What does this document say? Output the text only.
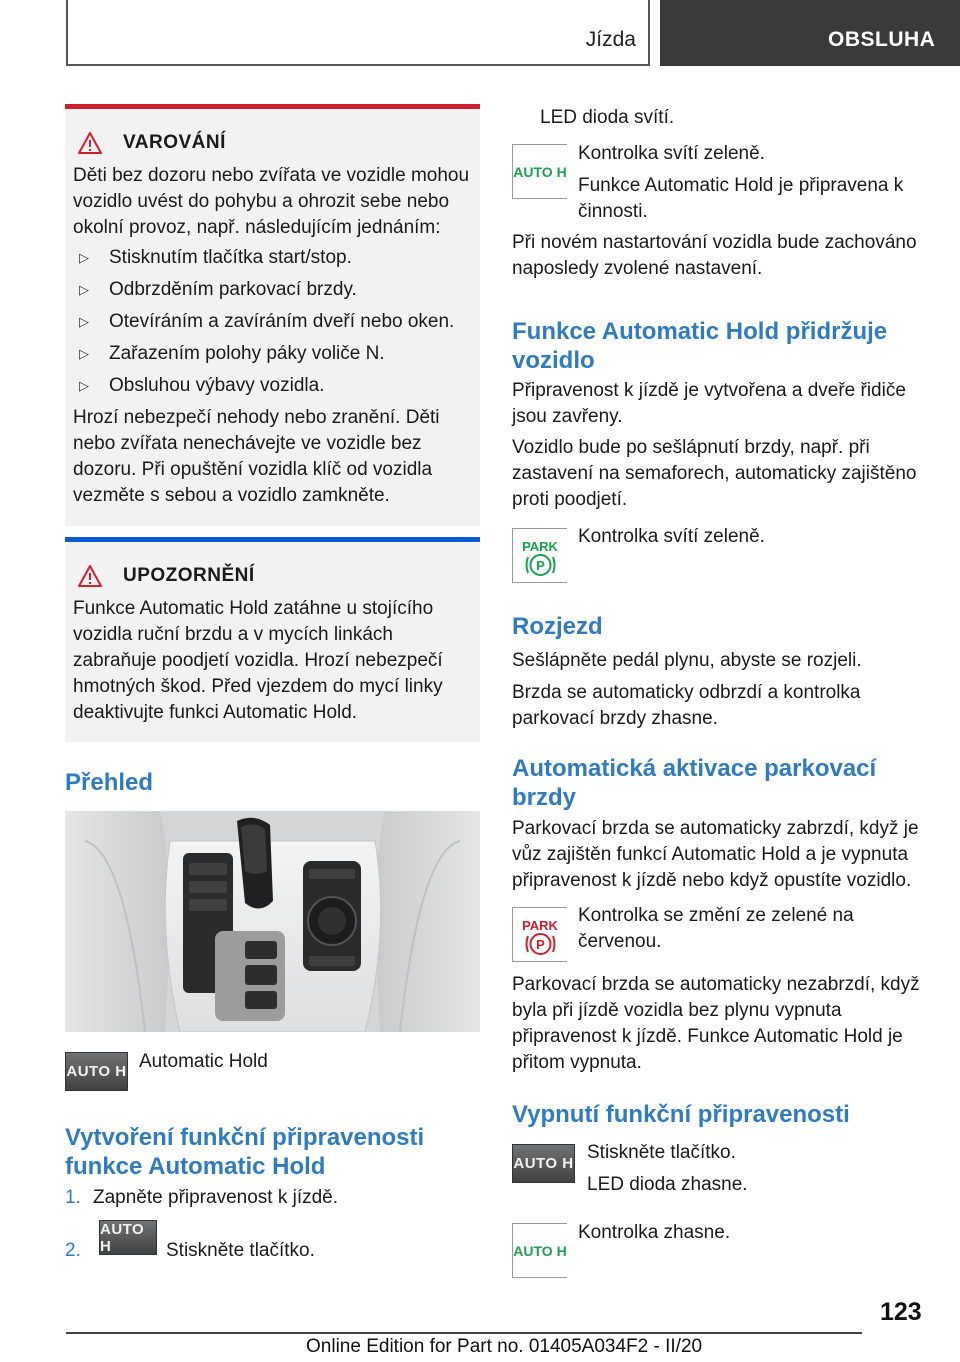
Jízda	OBSLUHA
VAROVÁNÍ

Děti bez dozoru nebo zvířata ve vozidle mohou vozidlo uvést do pohybu a ohrozit sebe nebo okolní provoz, např. následujícím jednáním:

▷	Stisknutím tlačítka start/stop.
▷	Odbrzděním parkovací brzdy.
▷	Otevíráním a zavíráním dveří nebo oken.
▷	Zařazením polohy páky voliče N.
▷	Obsluhou výbavy vozidla.

Hrozí nebezpečí nehody nebo zranění. Děti nebo zvířata nenechávejte ve vozidle bez dozoru. Při opuštění vozidla klíč od vozidla vezměte s sebou a vozidlo zamkněte.

UPOZORNĚNÍ

Funkce Automatic Hold zatáhne u stojícího vozidla ruční brzdu a v mycích linkách zabraňuje poodjetí vozidla. Hrozí nebezpečí hmotných škod. Před vjezdem do mycí linky deaktivujte funkci Automatic Hold.

Přehled
AUTO H Automatic Hold
Vytvoření funkční připravenosti funkce Automatic Hold
1. Zapněte připravenost k jízdě.
2.
AUTO H	Stiskněte tlačítko.
LED dioda svítí.
AUTO H
Kontrolka svítí zeleně.
Funkce Automatic Hold je připravena k činnosti.
Při novém nastartování vozidla bude zachováno naposledy zvolené nastavení.
Funkce Automatic Hold přidržuje vozidlo
Připravenost k jízdě je vytvořena a dveře řidiče jsou zavřeny.
Vozidlo bude po sešlápnutí brzdy, např. při zastavení na semaforech, automaticky zajištěno proti poodjetí.
PARK
P
Kontrolka svítí zeleně.
Rozjezd
Sešlápněte pedál plynu, abyste se rozjeli.
Brzda se automaticky odbrzdí a kontrolka parkovací brzdy zhasne.
Automatická aktivace parkovací brzdy
Parkovací brzda se automaticky zabrzdí, když je vůz zajištěn funkcí Automatic Hold a je vypnuta připravenost k jízdě nebo když opustíte vozidlo.
PARK
P
Kontrolka se změní ze zelené na červenou.
Parkovací brzda se automaticky nezabrzdí, když byla při jízdě vozidla bez plynu vypnuta připravenost k jízdě. Funkce Automatic Hold je přitom vypnuta.
Vypnutí funkční připravenosti
AUTO H
Stiskněte tlačítko.
LED dioda zhasne.
AUTO H
Kontrolka zhasne.
123
Online Edition for Part no. 01405A034F2 - II/20
